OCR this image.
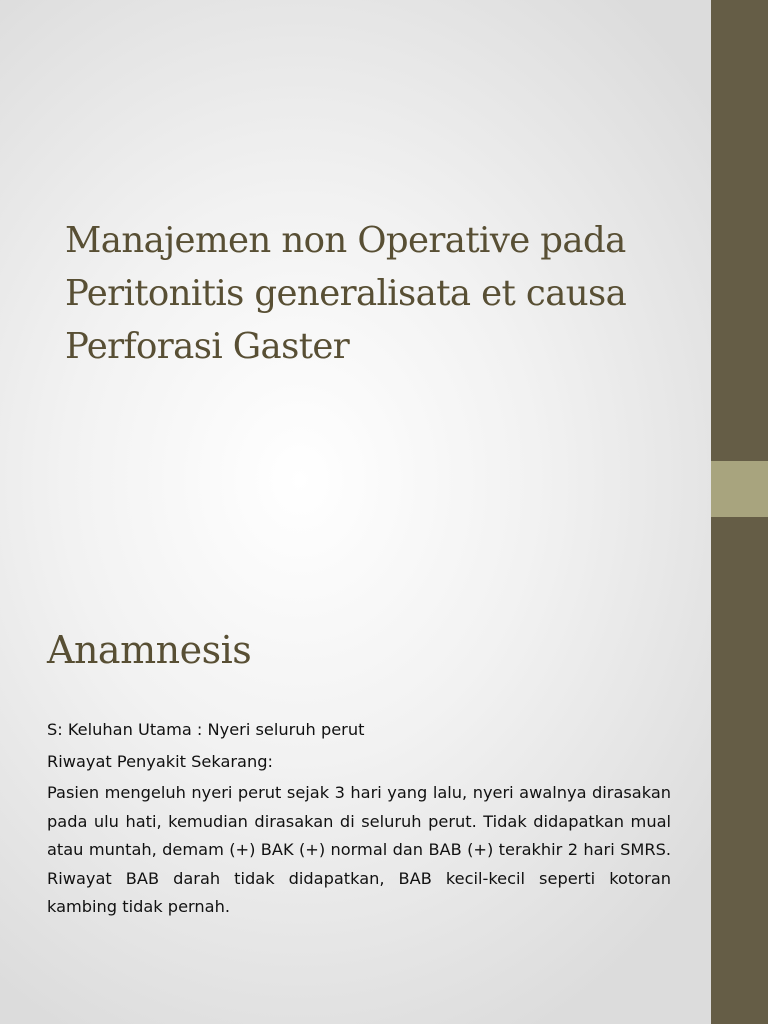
Manajemen non Operative pada Peritonitis generalisata et causa Perforasi Gaster
Anamnesis

S: Keluhan Utama : Nyeri seluruh perut

Riwayat Penyakit Sekarang:

Pasien mengeluh nyeri perut sejak 3 hari yang lalu, nyeri awalnya dirasakan pada ulu hati, kemudian dirasakan di seluruh perut. Tidak didapatkan mual atau muntah, demam (+) BAK (+) normal dan BAB (+) terakhir 2 hari SMRS. Riwayat BAB darah tidak didapatkan, BAB kecil-kecil seperti kotoran kambing tidak pernah.
